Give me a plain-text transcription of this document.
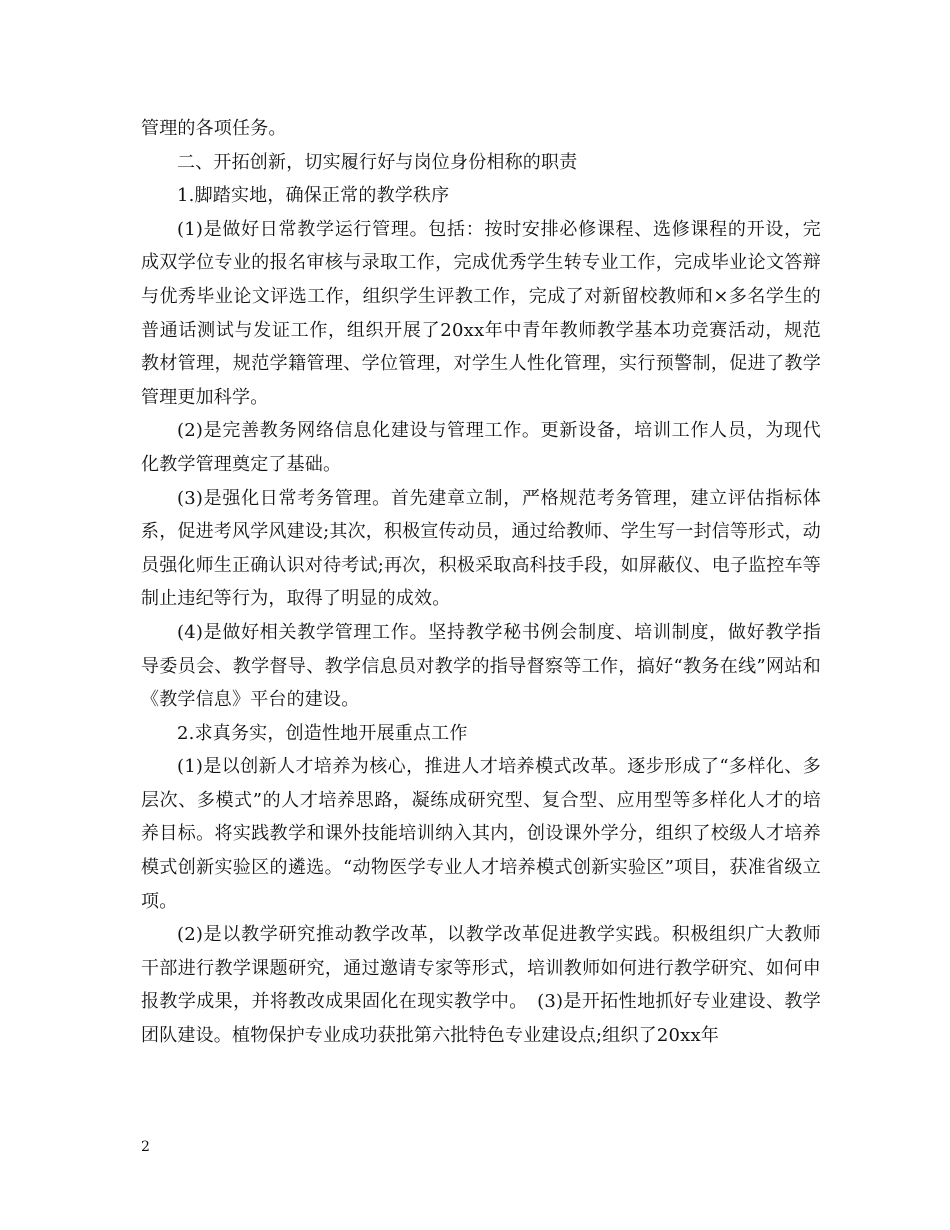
管理的各项任务。

二、开拓创新，切实履行好与岗位身份相称的职责

1.脚踏实地，确保正常的教学秩序

(1)是做好日常教学运行管理。包括：按时安排必修课程、选修课程的开设，完成双学位专业的报名审核与录取工作，完成优秀学生转专业工作，完成毕业论文答辩与优秀毕业论文评选工作，组织学生评教工作，完成了对新留校教师和×多名学生的普通话测试与发证工作，组织开展了20xx年中青年教师教学基本功竞赛活动，规范教材管理，规范学籍管理、学位管理，对学生人性化管理，实行预警制，促进了教学管理更加科学。

(2)是完善教务网络信息化建设与管理工作。更新设备，培训工作人员，为现代化教学管理奠定了基础。

(3)是强化日常考务管理。首先建章立制，严格规范考务管理，建立评估指标体系，促进考风学风建设;其次，积极宣传动员，通过给教师、学生写一封信等形式，动员强化师生正确认识对待考试;再次，积极采取高科技手段，如屏蔽仪、电子监控车等制止违纪等行为，取得了明显的成效。

(4)是做好相关教学管理工作。坚持教学秘书例会制度、培训制度，做好教学指导委员会、教学督导、教学信息员对教学的指导督察等工作，搞好“教务在线”网站和《教学信息》平台的建设。

2.求真务实，创造性地开展重点工作

(1)是以创新人才培养为核心，推进人才培养模式改革。逐步形成了“多样化、多层次、多模式”的人才培养思路，凝练成研究型、复合型、应用型等多样化人才的培养目标。将实践教学和课外技能培训纳入其内，创设课外学分，组织了校级人才培养模式创新实验区的遴选。“动物医学专业人才培养模式创新实验区”项目，获准省级立项。

(2)是以教学研究推动教学改革，以教学改革促进教学实践。积极组织广大教师干部进行教学课题研究，通过邀请专家等形式，培训教师如何进行教学研究、如何申报教学成果，并将教改成果固化在现实教学中。　(3)是开拓性地抓好专业建设、教学团队建设。植物保护专业成功获批第六批特色专业建设点;组织了20xx年

2
